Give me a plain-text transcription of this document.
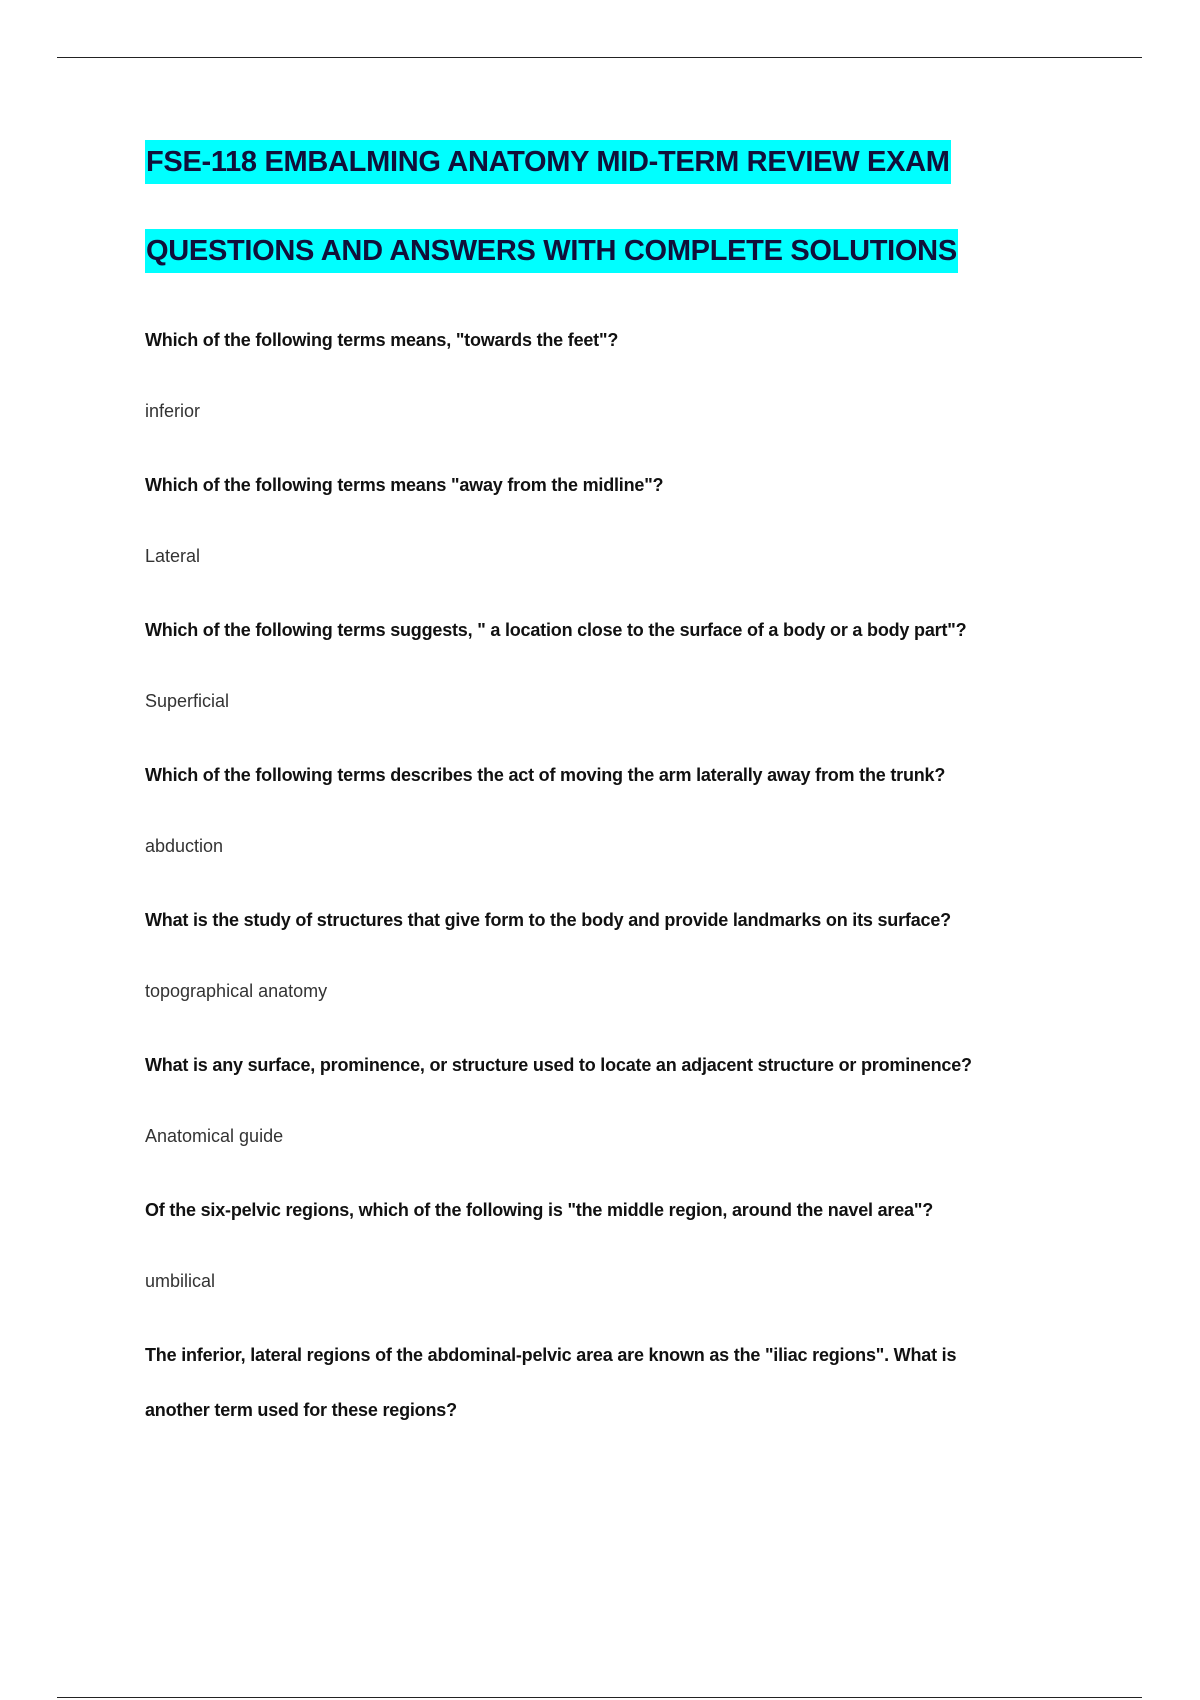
FSE-118 EMBALMING ANATOMY MID-TERM REVIEW EXAM
QUESTIONS AND ANSWERS WITH COMPLETE SOLUTIONS

Which of the following terms means, "towards the feet"?

inferior

Which of the following terms means "away from the midline"?

Lateral

Which of the following terms suggests, " a location close to the surface of a body or a body part"?

Superficial

Which of the following terms describes the act of moving the arm laterally away from the trunk?

abduction

What is the study of structures that give form to the body and provide landmarks on its surface?

topographical anatomy

What is any surface, prominence, or structure used to locate an adjacent structure or prominence?

Anatomical guide

Of the six-pelvic regions, which of the following is "the middle region, around the navel area"?

umbilical

The inferior, lateral regions of the abdominal-pelvic area are known as the "iliac regions". What is
another term used for these regions?
